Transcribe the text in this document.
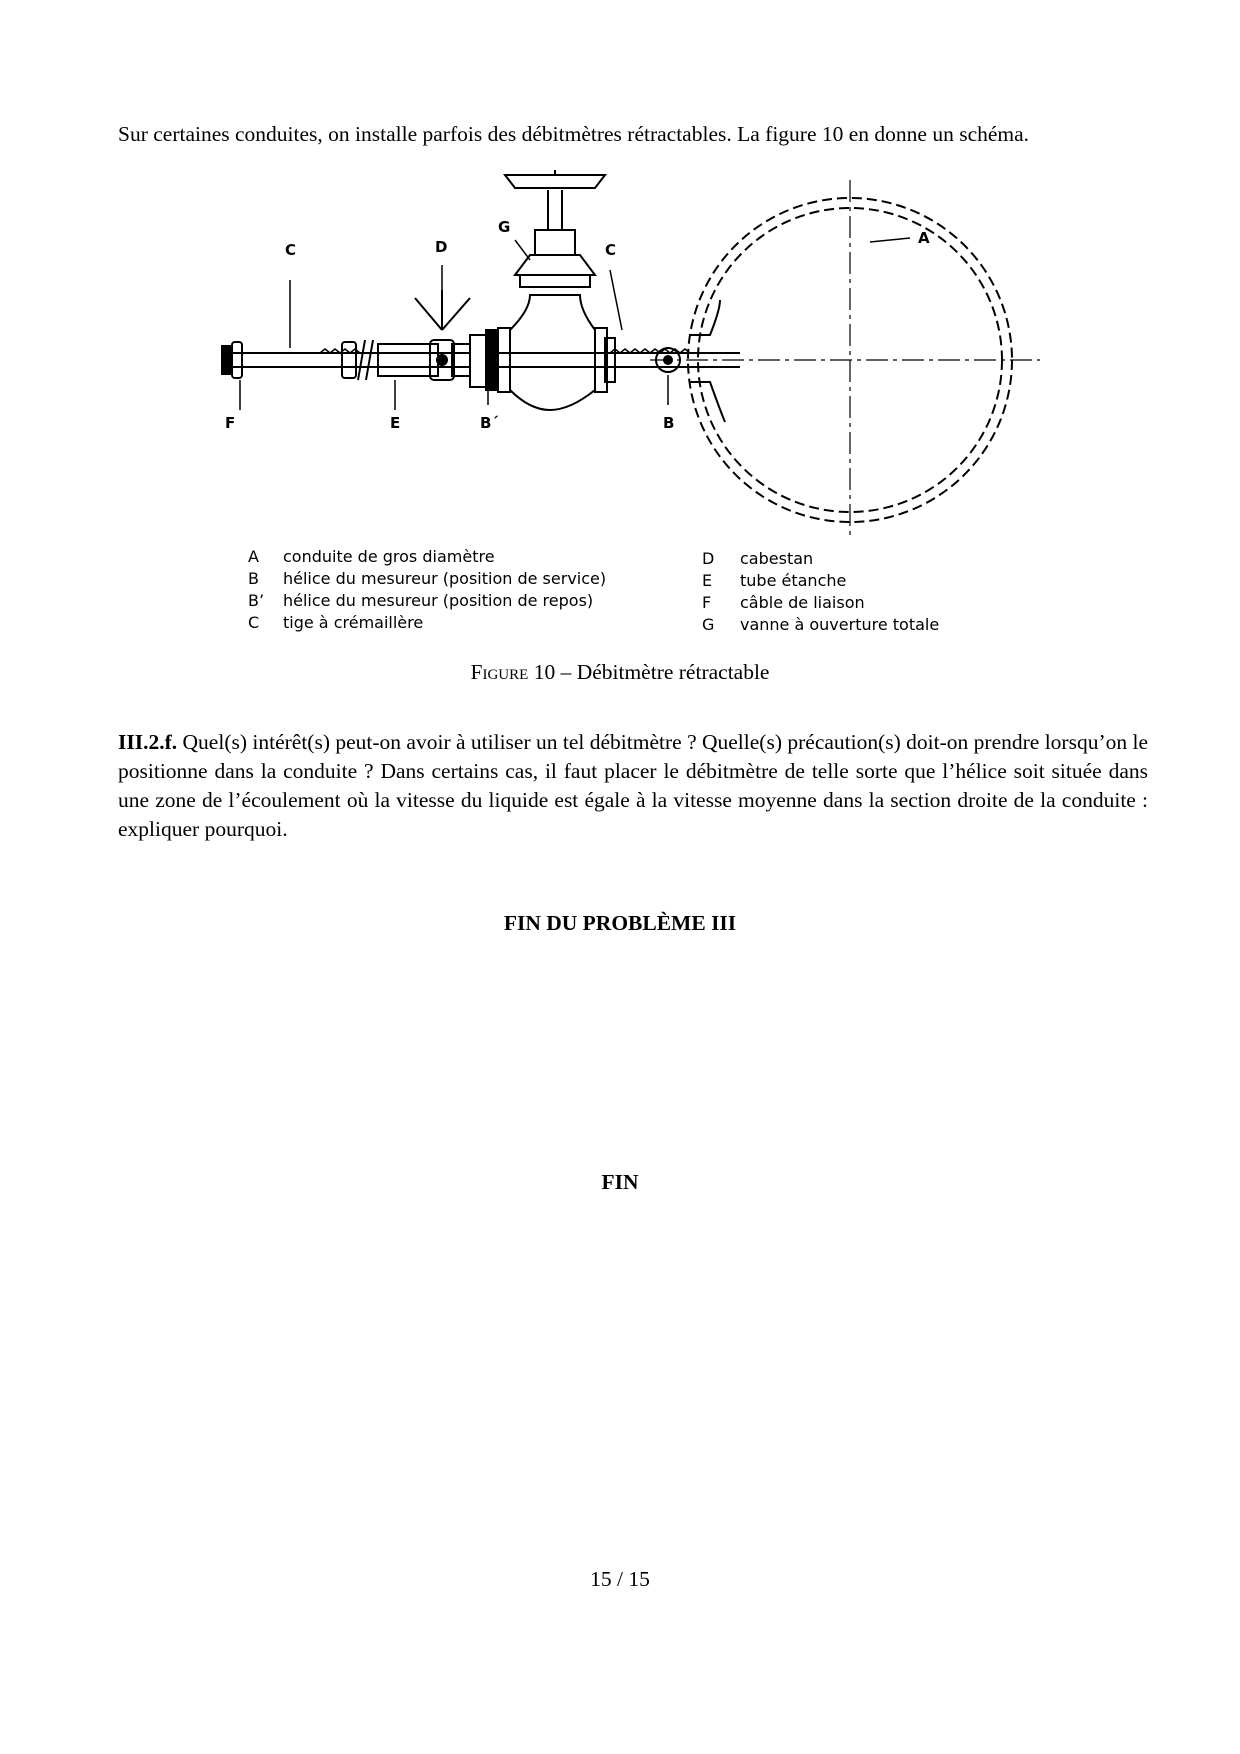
Sur certaines conduites, on installe parfois des débitmètres rétractables. La figure 10 en donne un schéma.
C	D
G
C
A
F	E	B´	B
A conduite de gros diamètre
B hélice du mesureur (position de service)
B’ hélice du mesureur (position de repos)
C tige à crémaillère
D cabestan
E tube étanche
F câble de liaison
G vanne à ouverture totale
Figure 10 – Débitmètre rétractable
III.2.f. Quel(s) intérêt(s) peut-on avoir à utiliser un tel débitmètre ? Quelle(s) précaution(s) doit-on prendre lorsqu’on le positionne dans la conduite ? Dans certains cas, il faut placer le débitmètre de telle sorte que l’hélice soit située dans une zone de l’écoulement où la vitesse du liquide est égale à la vitesse moyenne dans la section droite de la conduite : expliquer pourquoi.
FIN DU PROBLÈME III
FIN
15 / 15
